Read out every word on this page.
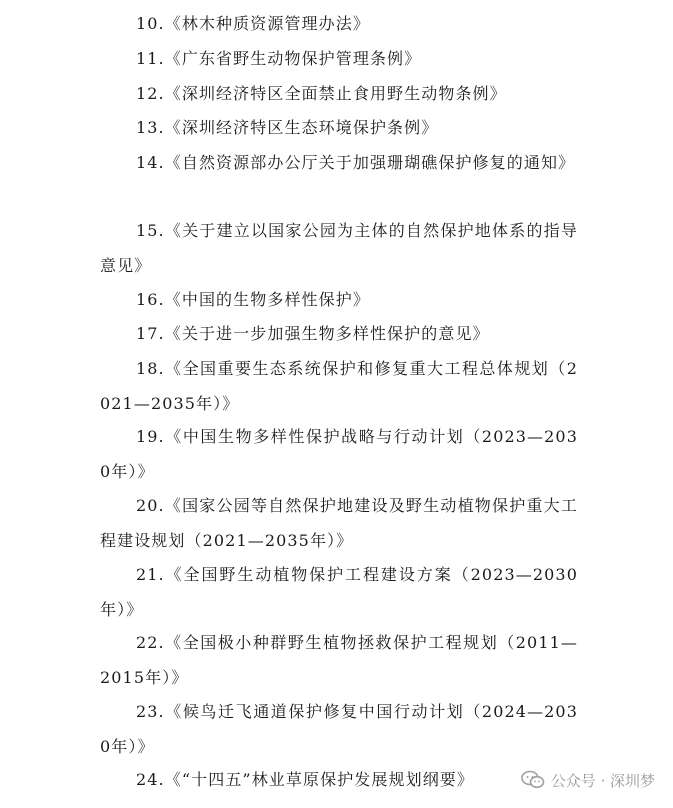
10.《林木种质资源管理办法》
11.《广东省野生动物保护管理条例》
12.《深圳经济特区全面禁止食用野生动物条例》
13.《深圳经济特区生态环境保护条例》
14.《自然资源部办公厅关于加强珊瑚礁保护修复的通知》
15.《关于建立以国家公园为主体的自然保护地体系的指导意见》
16.《中国的生物多样性保护》
17.《关于进一步加强生物多样性保护的意见》
18.《全国重要生态系统保护和修复重大工程总体规划（2021—2035年）》
19.《中国生物多样性保护战略与行动计划（2023—2030年）》
20.《国家公园等自然保护地建设及野生动植物保护重大工程建设规划（2021—2035年）》
21.《全国野生动植物保护工程建设方案（2023—2030年）》
22.《全国极小种群野生植物拯救保护工程规划（2011—2015年）》
23.《候鸟迁飞通道保护修复中国行动计划（2024—2030年）》
24.《“十四五”林业草原保护发展规划纲要》	公众号 · 深圳梦
